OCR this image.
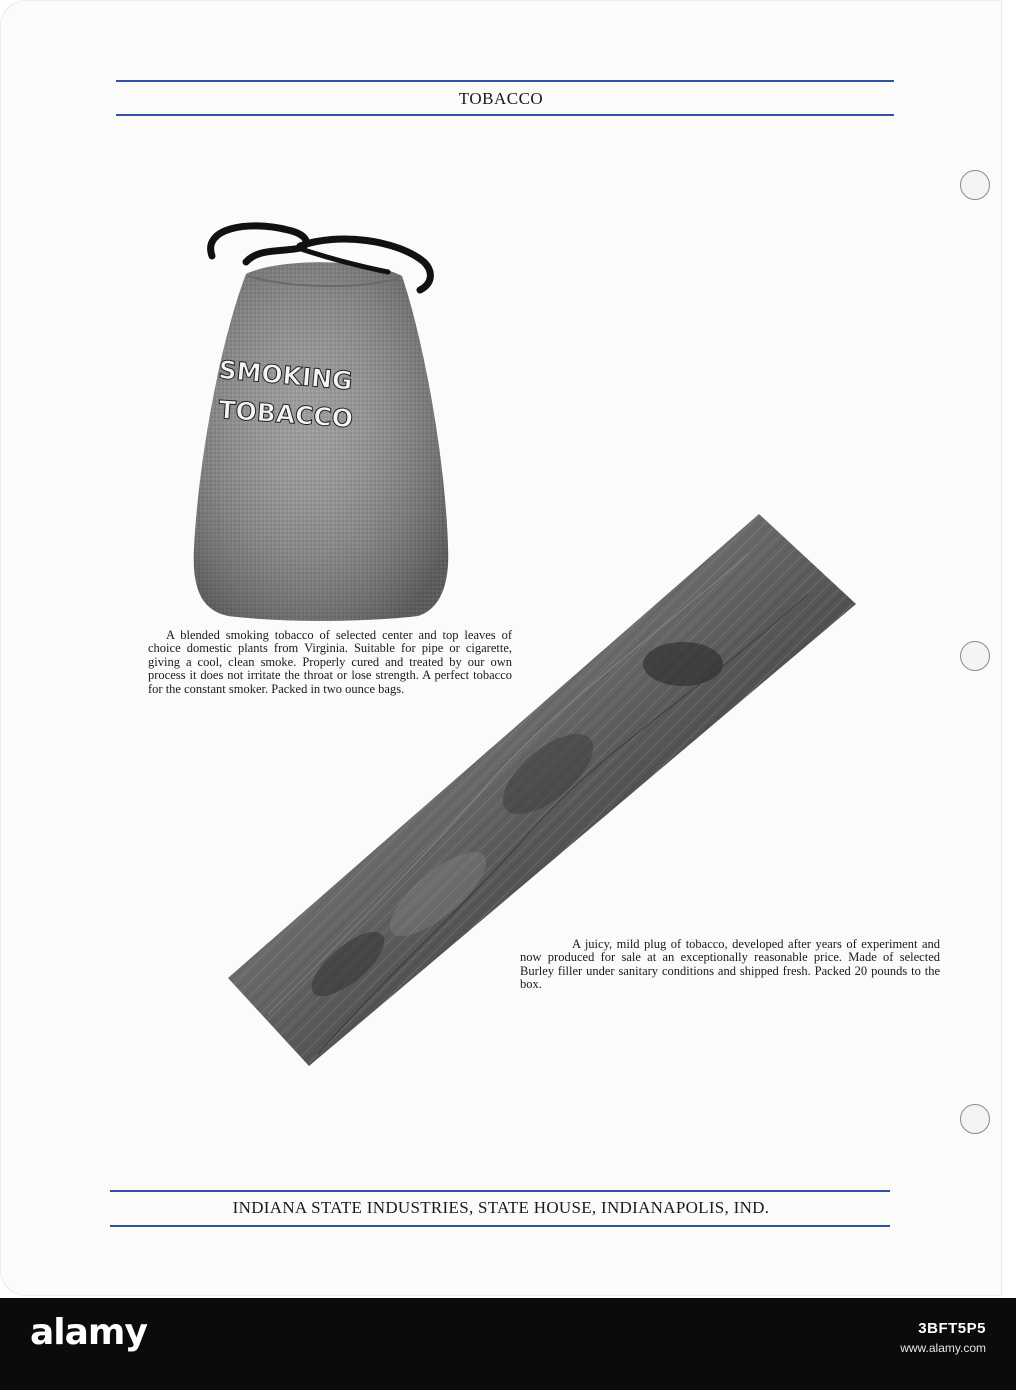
TOBACCO
SMOKING
TOBACCO
A blended smoking tobacco of selected center and top leaves of choice domestic plants from Virginia. Suitable for pipe or cigarette, giving a cool, clean smoke. Properly cured and treated by our own process it does not irritate the throat or lose strength. A perfect tobacco for the constant smoker. Packed in two ounce bags.
A juicy, mild plug of tobacco, developed after years of experiment and now produced for sale at an exceptionally reasonable price. Made of selected Burley filler under sanitary conditions and shipped fresh. Packed 20 pounds to the box.
INDIANA STATE INDUSTRIES, STATE HOUSE, INDIANAPOLIS, IND.
alamy	3BFT5P5
www.alamy.com
